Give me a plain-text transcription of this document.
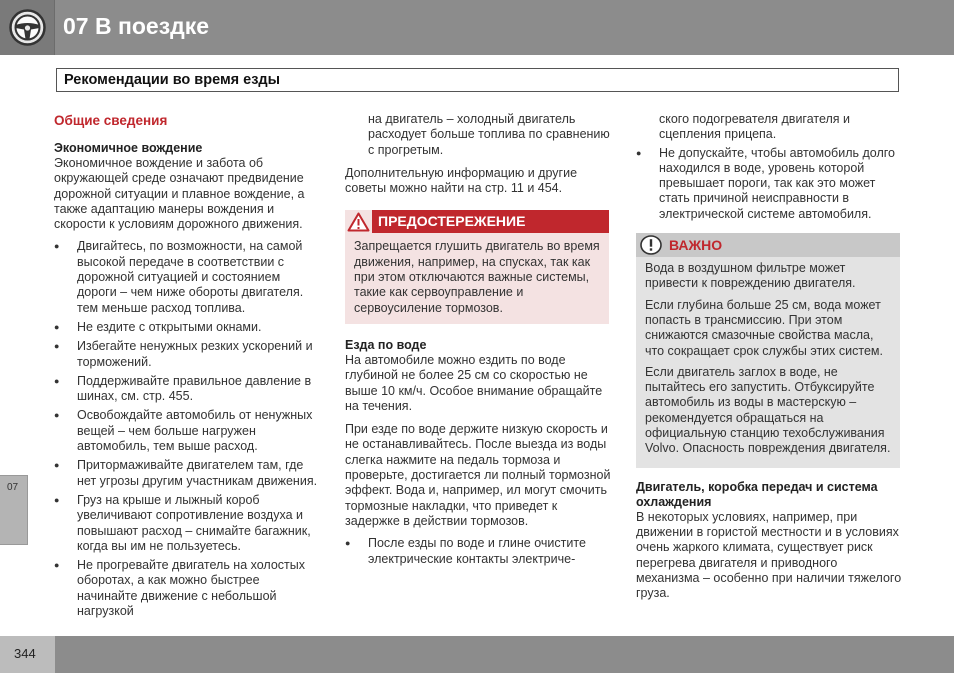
07 В поездке
Рекомендации во время езды
07
Общие сведения
Экономичное вождение

Экономичное вождение и забота об окружающей среде означают предвидение дорожной ситуации и плавное вождение, а также адаптацию манеры вождения и скорости к условиям дорожного движения.

● Двигайтесь, по возможности, на самой высокой передаче в соответствии с дорожной ситуацией и состоянием дороги – чем ниже обороты двигателя. тем меньше расход топлива.
● Не ездите с открытыми окнами.
● Избегайте ненужных резких ускорений и торможений.
● Поддерживайте правильное давление в шинах, см. стр. 455.
● Освобождайте автомобиль от ненужных вещей – чем больше нагружен автомобиль, тем выше расход.
● Притормаживайте двигателем там, где нет угрозы другим участникам движения.
● Груз на крыше и лыжный короб увеличивают сопротивление воздуха и повышают расход – снимайте багажник, когда вы им не пользуетесь.
● Не прогревайте двигатель на холостых оборотах, а как можно быстрее начинайте движение с небольшой нагрузкой

на двигатель – холодный двигатель расходует больше топлива по сравнению с прогретым.

Дополнительную информацию и другие советы можно найти на стр. 11 и 454.

ПРЕДОСТЕРЕЖЕНИЕ
Запрещается глушить двигатель во время движения, например, на спусках, так как при этом отключаются важные системы, такие как сервоуправление и сервоусиление тормозов.
Езда по воде

На автомобиле можно ездить по воде глубиной не более 25 см со скоростью не выше 10 км/ч. Особое внимание обращайте на течения.

При езде по воде держите низкую скорость и не останавливайтесь. После выезда из воды слегка нажмите на педаль тормоза и проверьте, достигается ли полный тормозной эффект. Вода и, например, ил могут смочить тормозные накладки, что приведет к задержке в действии тормозов.

● После езды по воде и глине очистите электрические контакты электриче-

ского подогревателя двигателя и сцепления прицепа.

● Не допускайте, чтобы автомобиль долго находился в воде, уровень которой превышает пороги, так как это может стать причиной неисправности в электрической системе автомобиля.
ВАЖНО

Вода в воздушном фильтре может привести к повреждению двигателя.

Если глубина больше 25 см, вода может попасть в трансмиссию. При этом снижаются смазочные свойства масла, что сокращает срок службы этих систем.

Если двигатель заглох в воде, не пытайтесь его запустить. Отбуксируйте автомобиль из воды в мастерскую – рекомендуется обращаться на официальную станцию техобслуживания Volvo. Опасность повреждения двигателя.

Двигатель, коробка передач и система охлаждения

В некоторых условиях, например, при движении в гористой местности и в условиях очень жаркого климата, существует риск перегрева двигателя и приводного механизма – особенно при наличии тяжелого груза.

344
